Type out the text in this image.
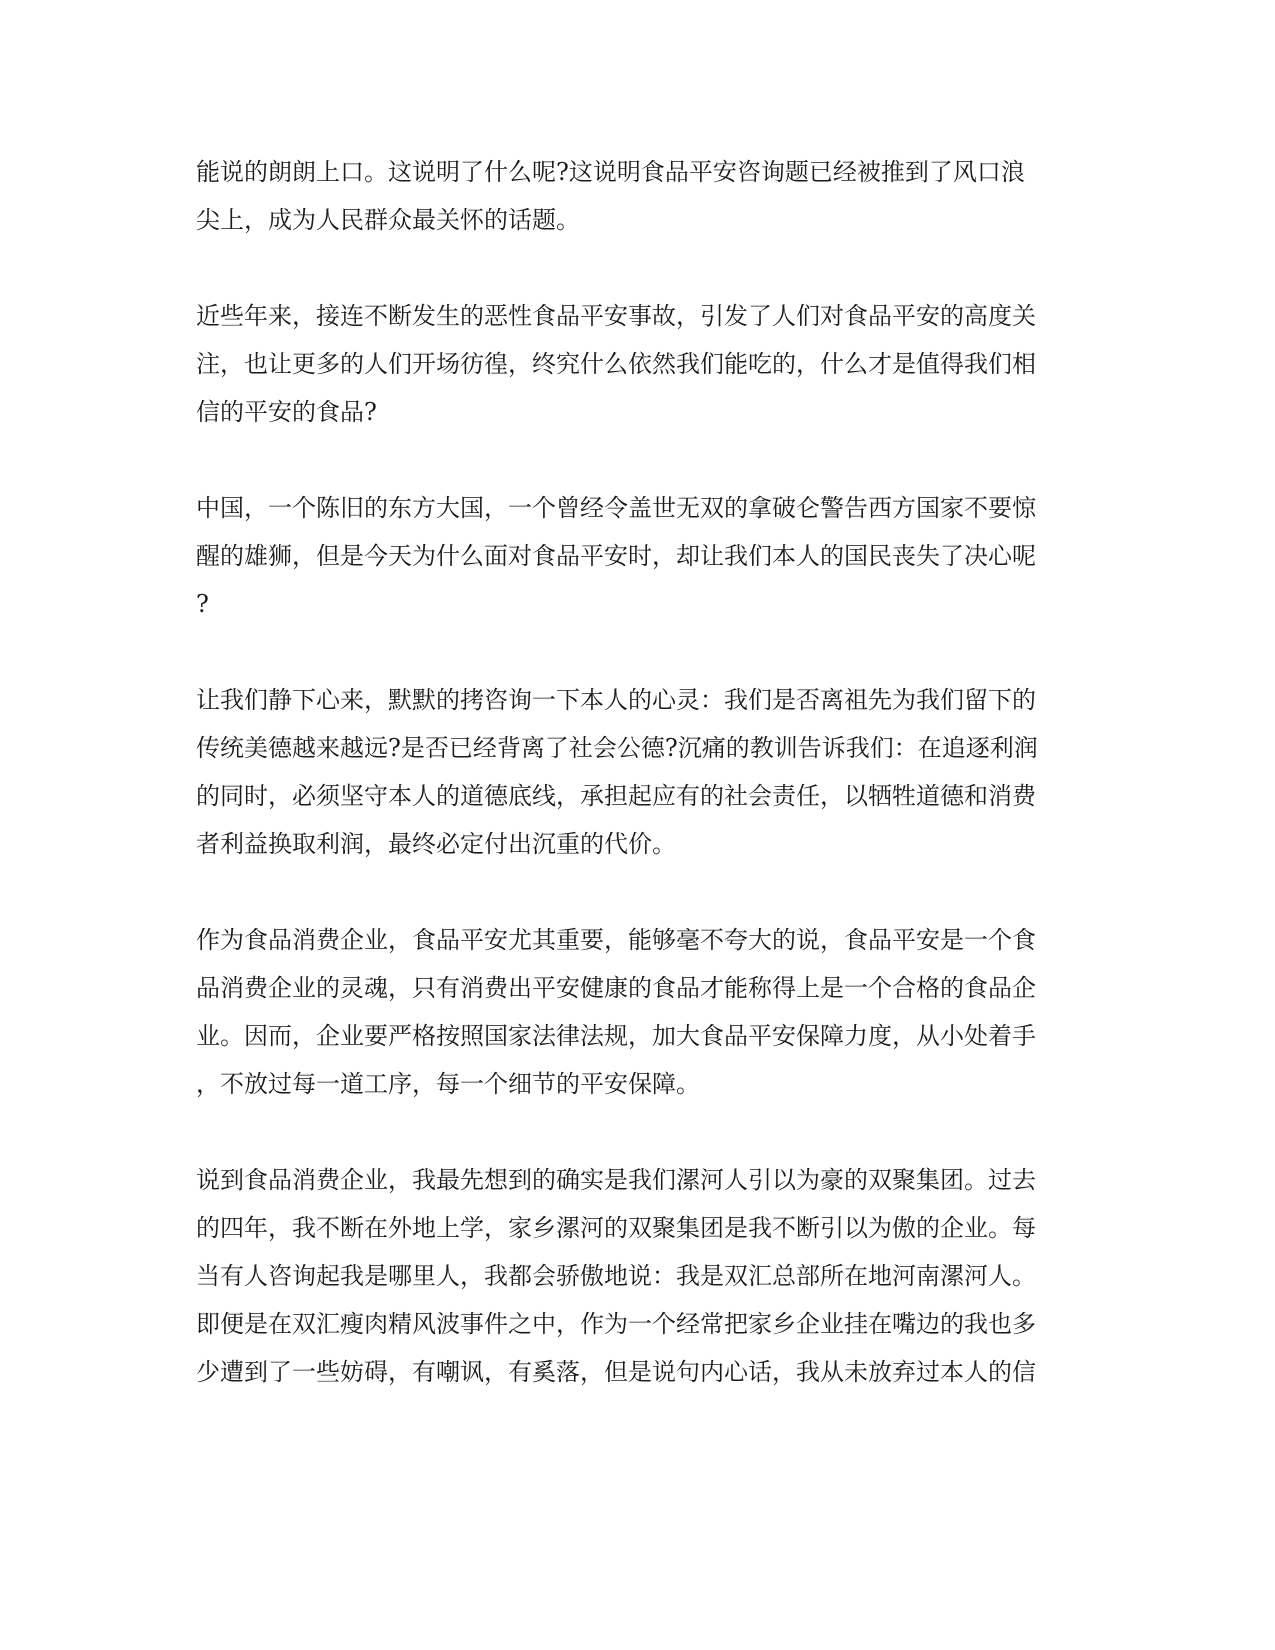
能说的朗朗上口。这说明了什么呢?这说明食品平安咨询题已经被推到了风口浪
尖上，成为人民群众最关怀的话题。

近些年来，接连不断发生的恶性食品平安事故，引发了人们对食品平安的高度关
注，也让更多的人们开场彷徨，终究什么依然我们能吃的，什么才是值得我们相
信的平安的食品?

中国，一个陈旧的东方大国，一个曾经令盖世无双的拿破仑警告西方国家不要惊
醒的雄狮，但是今天为什么面对食品平安时，却让我们本人的国民丧失了决心呢
?

让我们静下心来，默默的拷咨询一下本人的心灵：我们是否离祖先为我们留下的
传统美德越来越远?是否已经背离了社会公德?沉痛的教训告诉我们：在追逐利润
的同时，必须坚守本人的道德底线，承担起应有的社会责任，以牺牲道德和消费
者利益换取利润，最终必定付出沉重的代价。

作为食品消费企业，食品平安尤其重要，能够毫不夸大的说，食品平安是一个食
品消费企业的灵魂，只有消费出平安健康的食品才能称得上是一个合格的食品企
业。因而，企业要严格按照国家法律法规，加大食品平安保障力度，从小处着手
，不放过每一道工序，每一个细节的平安保障。

说到食品消费企业，我最先想到的确实是我们漯河人引以为豪的双聚集团。过去
的四年，我不断在外地上学，家乡漯河的双聚集团是我不断引以为傲的企业。每
当有人咨询起我是哪里人，我都会骄傲地说：我是双汇总部所在地河南漯河人。
即便是在双汇瘦肉精风波事件之中，作为一个经常把家乡企业挂在嘴边的我也多
少遭到了一些妨碍，有嘲讽，有奚落，但是说句内心话，我从未放弃过本人的信
